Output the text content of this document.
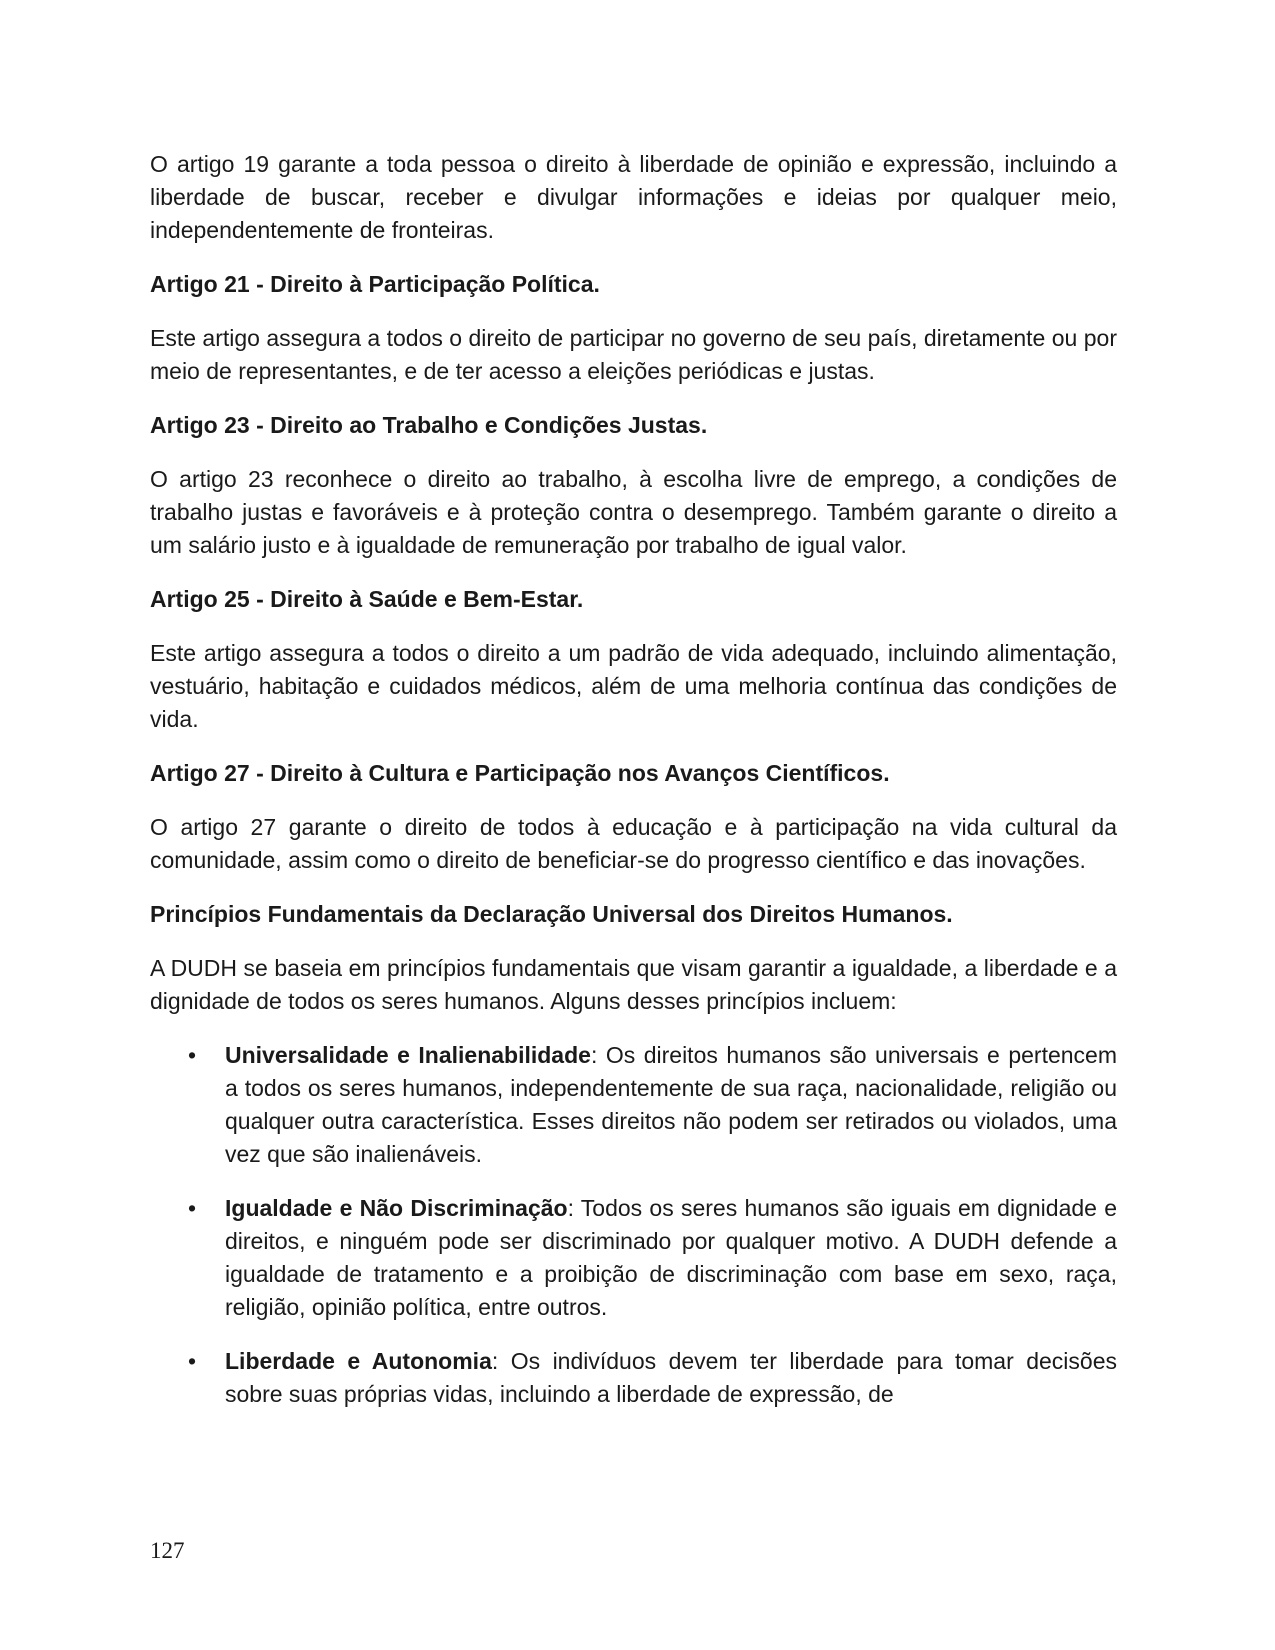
O artigo 19 garante a toda pessoa o direito à liberdade de opinião e expressão, incluindo a liberdade de buscar, receber e divulgar informações e ideias por qualquer meio, independentemente de fronteiras.

Artigo 21 - Direito à Participação Política.

Este artigo assegura a todos o direito de participar no governo de seu país, diretamente ou por meio de representantes, e de ter acesso a eleições periódicas e justas.

Artigo 23 - Direito ao Trabalho e Condições Justas.

O artigo 23 reconhece o direito ao trabalho, à escolha livre de emprego, a condições de trabalho justas e favoráveis e à proteção contra o desemprego. Também garante o direito a um salário justo e à igualdade de remuneração por trabalho de igual valor.

Artigo 25 - Direito à Saúde e Bem-Estar.

Este artigo assegura a todos o direito a um padrão de vida adequado, incluindo alimentação, vestuário, habitação e cuidados médicos, além de uma melhoria contínua das condições de vida.

Artigo 27 - Direito à Cultura e Participação nos Avanços Científicos.

O artigo 27 garante o direito de todos à educação e à participação na vida cultural da comunidade, assim como o direito de beneficiar-se do progresso científico e das inovações.

Princípios Fundamentais da Declaração Universal dos Direitos Humanos.

A DUDH se baseia em princípios fundamentais que visam garantir a igualdade, a liberdade e a dignidade de todos os seres humanos. Alguns desses princípios incluem:

• Universalidade e Inalienabilidade: Os direitos humanos são universais e pertencem a todos os seres humanos, independentemente de sua raça, nacionalidade, religião ou qualquer outra característica. Esses direitos não podem ser retirados ou violados, uma vez que são inalienáveis.
• Igualdade e Não Discriminação: Todos os seres humanos são iguais em dignidade e direitos, e ninguém pode ser discriminado por qualquer motivo. A DUDH defende a igualdade de tratamento e a proibição de discriminação com base em sexo, raça, religião, opinião política, entre outros.
• Liberdade e Autonomia: Os indivíduos devem ter liberdade para tomar decisões sobre suas próprias vidas, incluindo a liberdade de expressão, de
127
